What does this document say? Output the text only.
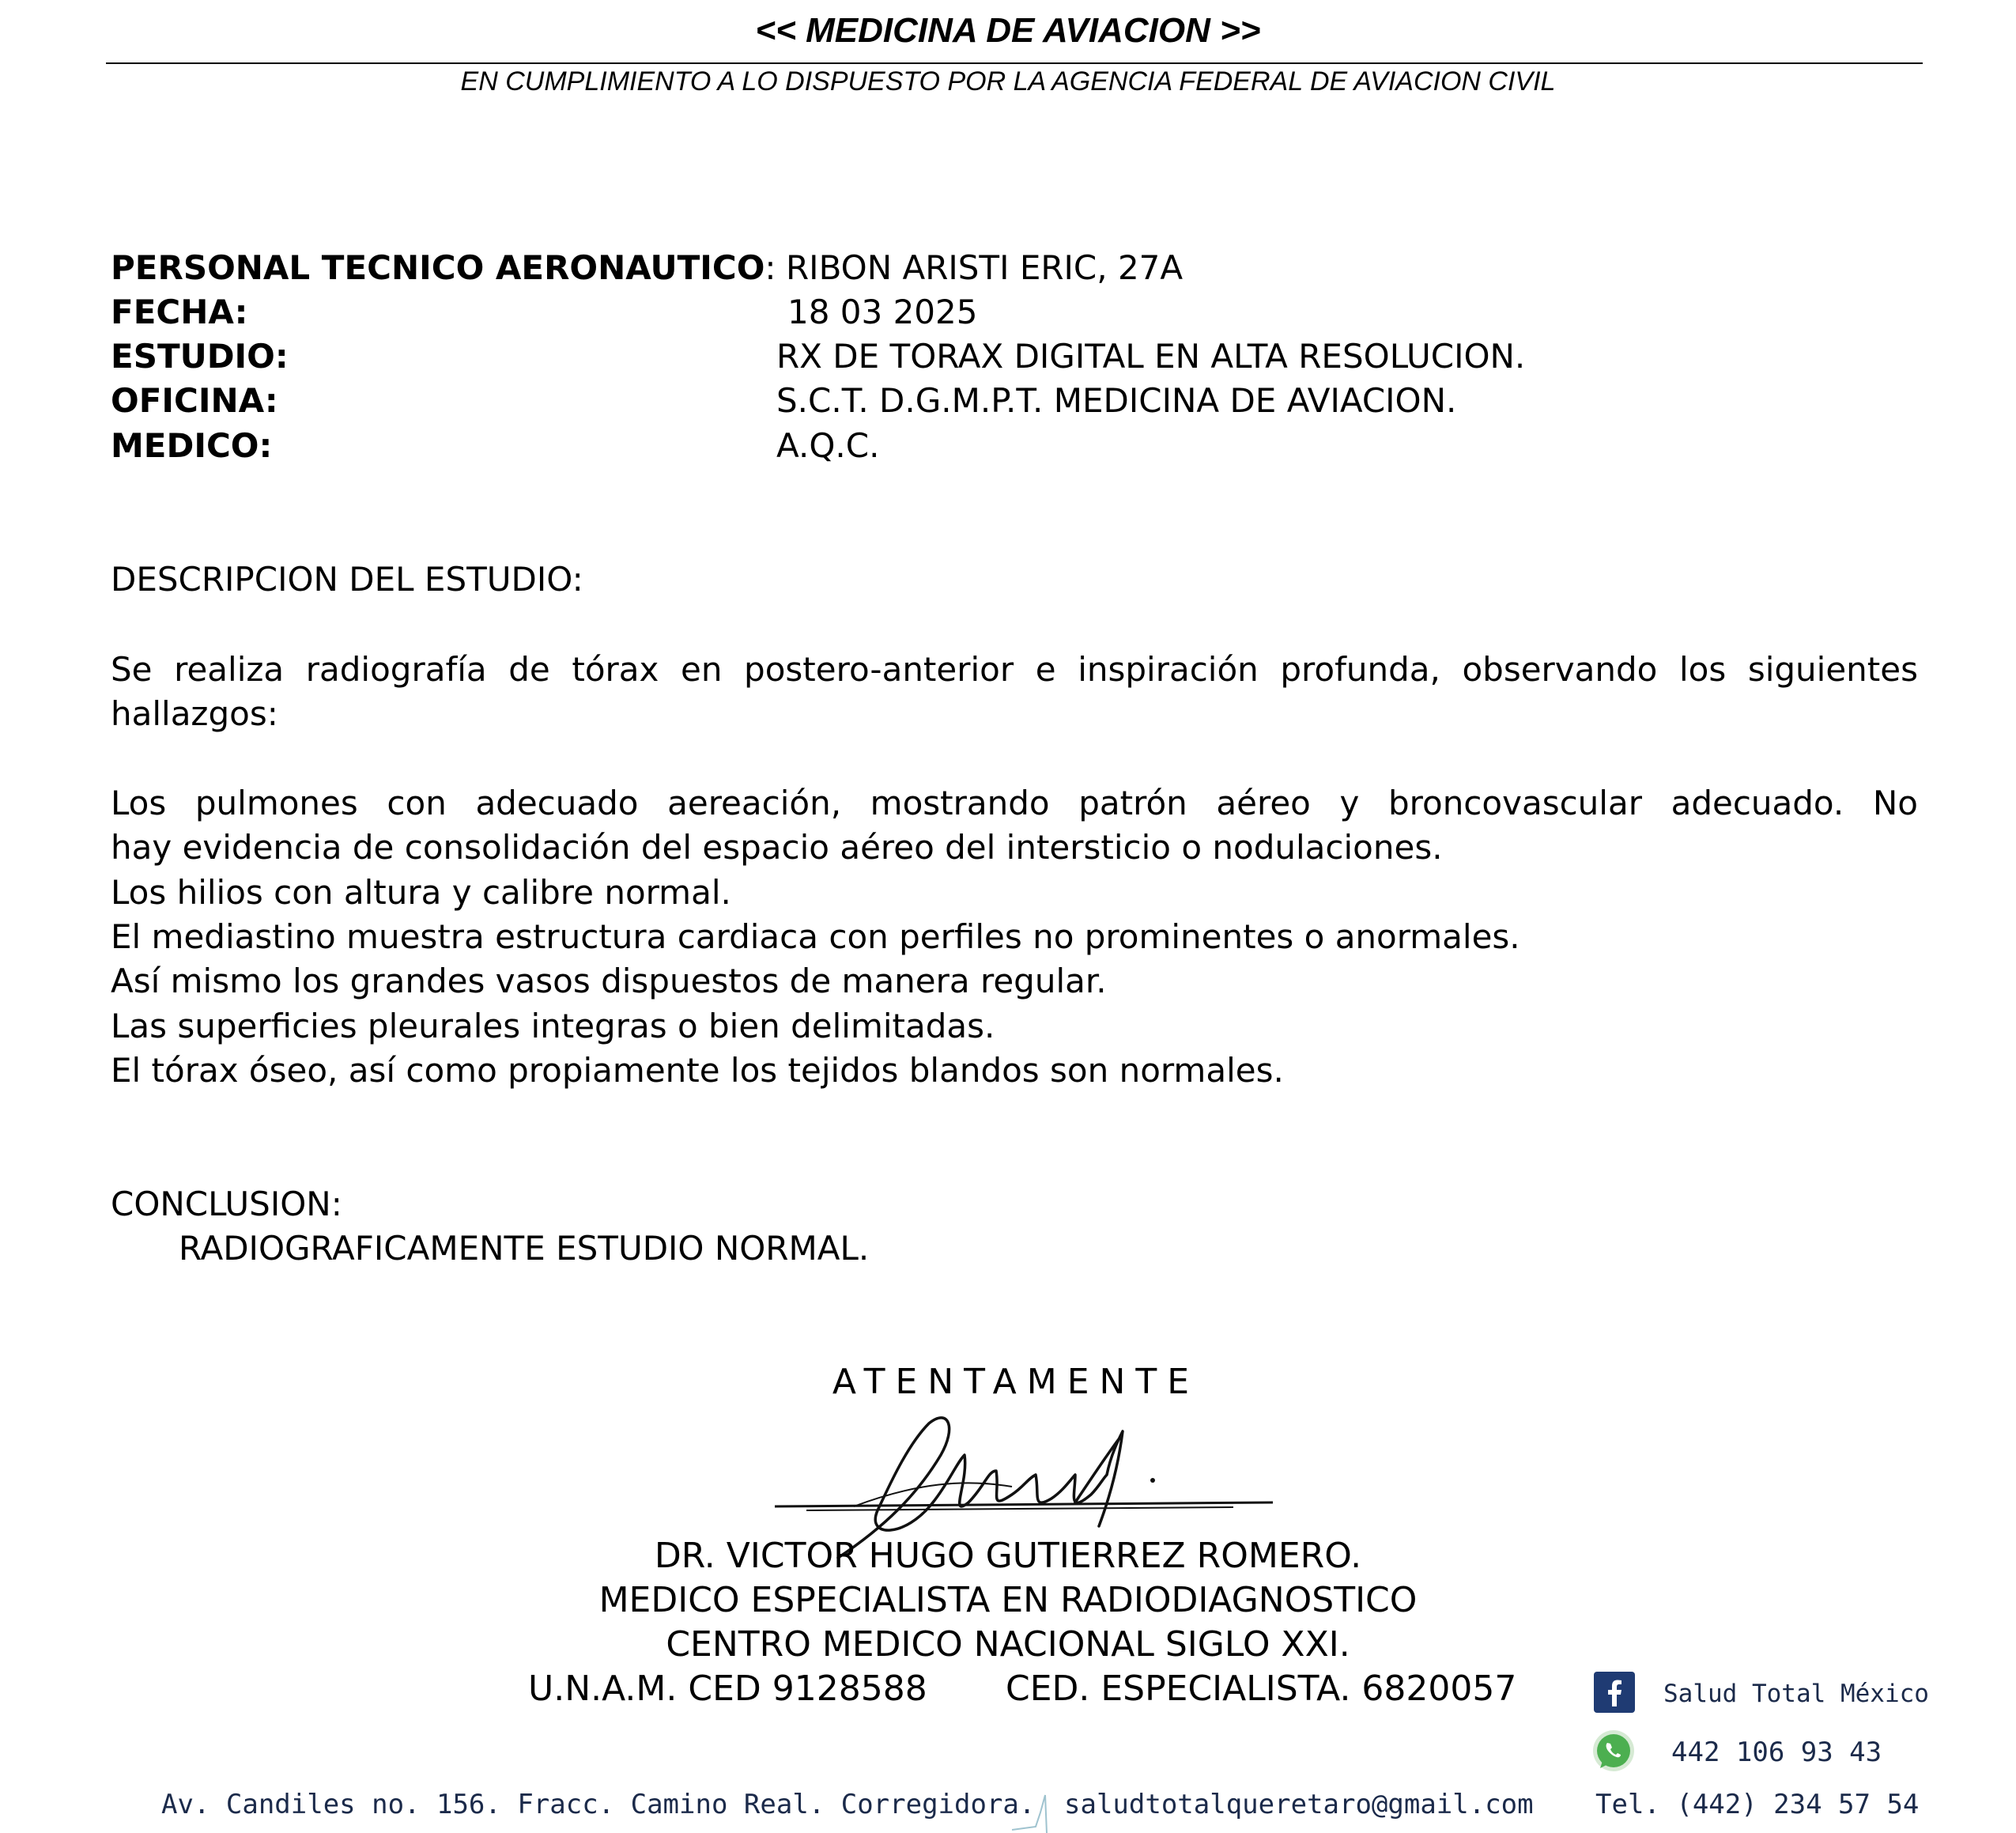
<< MEDICINA DE AVIACION >>
EN CUMPLIMIENTO A LO DISPUESTO POR LA AGENCIA FEDERAL DE AVIACION CIVIL
PERSONAL TECNICO AERONAUTICO: RIBON ARISTI ERIC, 27A
FECHA:	18 03 2025
ESTUDIO:	RX DE TORAX DIGITAL EN ALTA RESOLUCION.
OFICINA:	S.C.T. D.G.M.P.T. MEDICINA DE AVIACION.
MEDICO:	A.Q.C.
DESCRIPCION DEL ESTUDIO:
Se realiza radiografía de tórax en postero-anterior e inspiración profunda, observando los siguientes
hallazgos:
Los pulmones con adecuado aereación, mostrando patrón aéreo y broncovascular adecuado. No
hay evidencia de consolidación del espacio aéreo del intersticio o nodulaciones.
Los hilios con altura y calibre normal.
El mediastino muestra estructura cardiaca con perfiles no prominentes o anormales.
Así mismo los grandes vasos dispuestos de manera regular.
Las superficies pleurales integras o bien delimitadas.
El tórax óseo, así como propiamente los tejidos blandos son normales.
CONCLUSION:
RADIOGRAFICAMENTE ESTUDIO NORMAL.
ATENTAMENTE
DR. VICTOR HUGO GUTIERREZ ROMERO.
MEDICO ESPECIALISTA EN RADIODIAGNOSTICO
CENTRO MEDICO NACIONAL SIGLO XXI.
U.N.A.M. CED 9128588 CED. ESPECIALISTA. 6820057	Salud Total México
442 106 93 43
Av. Candiles no. 156. Fracc. Camino Real. Corregidora. saludtotalqueretaro@gmail.com Tel. (442) 234 57 54
